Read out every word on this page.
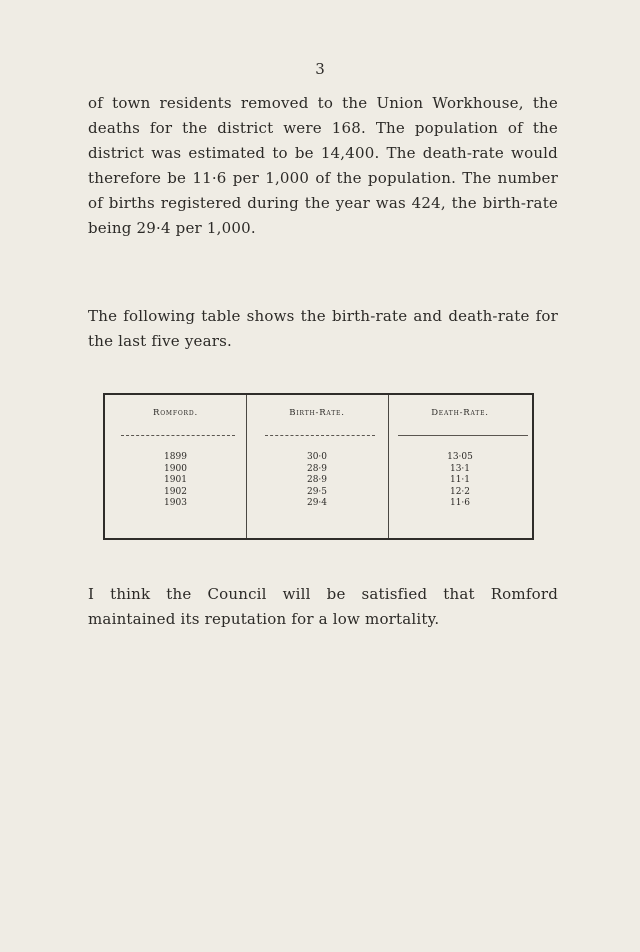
3

of town residents removed to the Union Workhouse, the deaths for the district were 168. The population of the district was estimated to be 14,400. The death-rate would therefore be 11·6 per 1,000 of the population. The number of births registered during the year was 424, the birth-rate being 29·4 per 1,000.

The following table shows the birth-rate and death-rate for the last five years.

Romford.	Birth-Rate.	Death-Rate.
1899
1900
1901
1902
1903
30·0
28·9
28·9
29·5
29·4
13·05
13·1
11·1
12·2
11·6

I think the Council will be satisfied that Romford maintained its reputation for a low mortality.
